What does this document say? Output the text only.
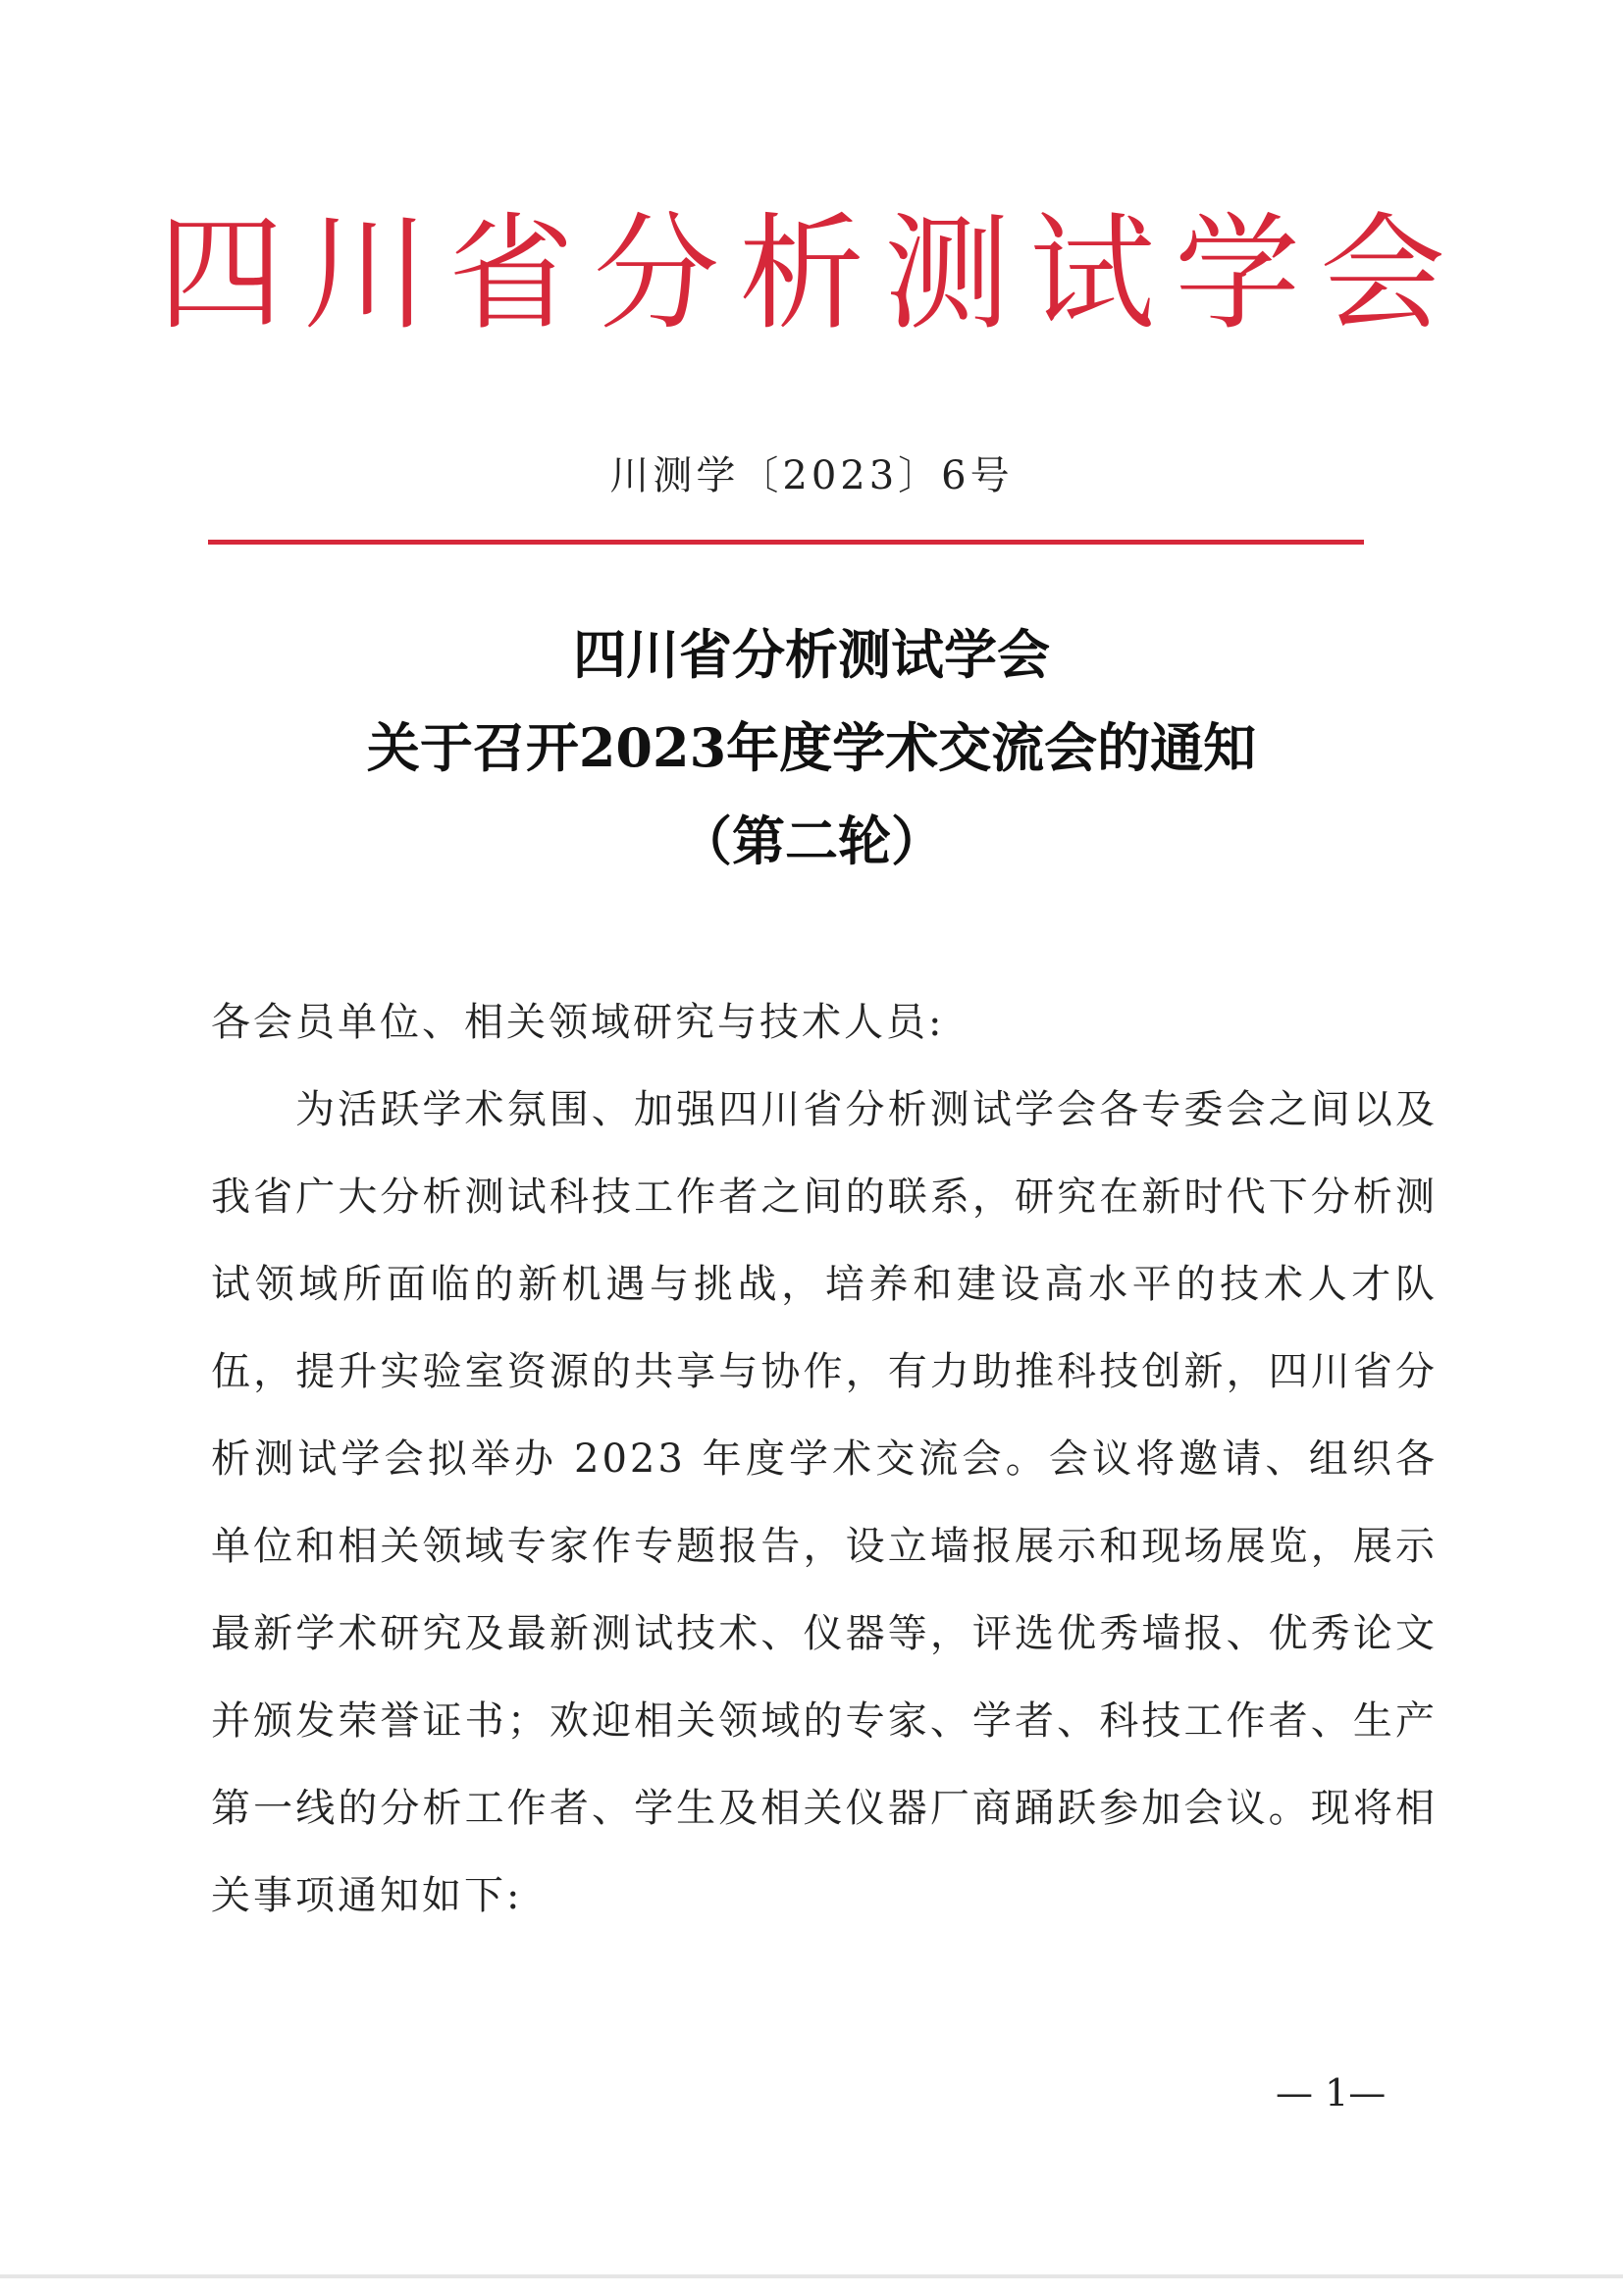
四川省分析测试学会
川测学〔2023〕6号
四川省分析测试学会
关于召开2023年度学术交流会的通知
（第二轮）

各会员单位、相关领域研究与技术人员:

为活跃学术氛围、加强四川省分析测试学会各专委会之间以及我省广大分析测试科技工作者之间的联系，研究在新时代下分析测试领域所面临的新机遇与挑战，培养和建设高水平的技术人才队伍，提升实验室资源的共享与协作，有力助推科技创新，四川省分析测试学会拟举办 2023 年度学术交流会。会议将邀请、组织各单位和相关领域专家作专题报告，设立墙报展示和现场展览，展示最新学术研究及最新测试技术、仪器等，评选优秀墙报、优秀论文并颁发荣誉证书；欢迎相关领域的专家、学者、科技工作者、生产第一线的分析工作者、学生及相关仪器厂商踊跃参加会议。现将相关事项通知如下:

— 1—
